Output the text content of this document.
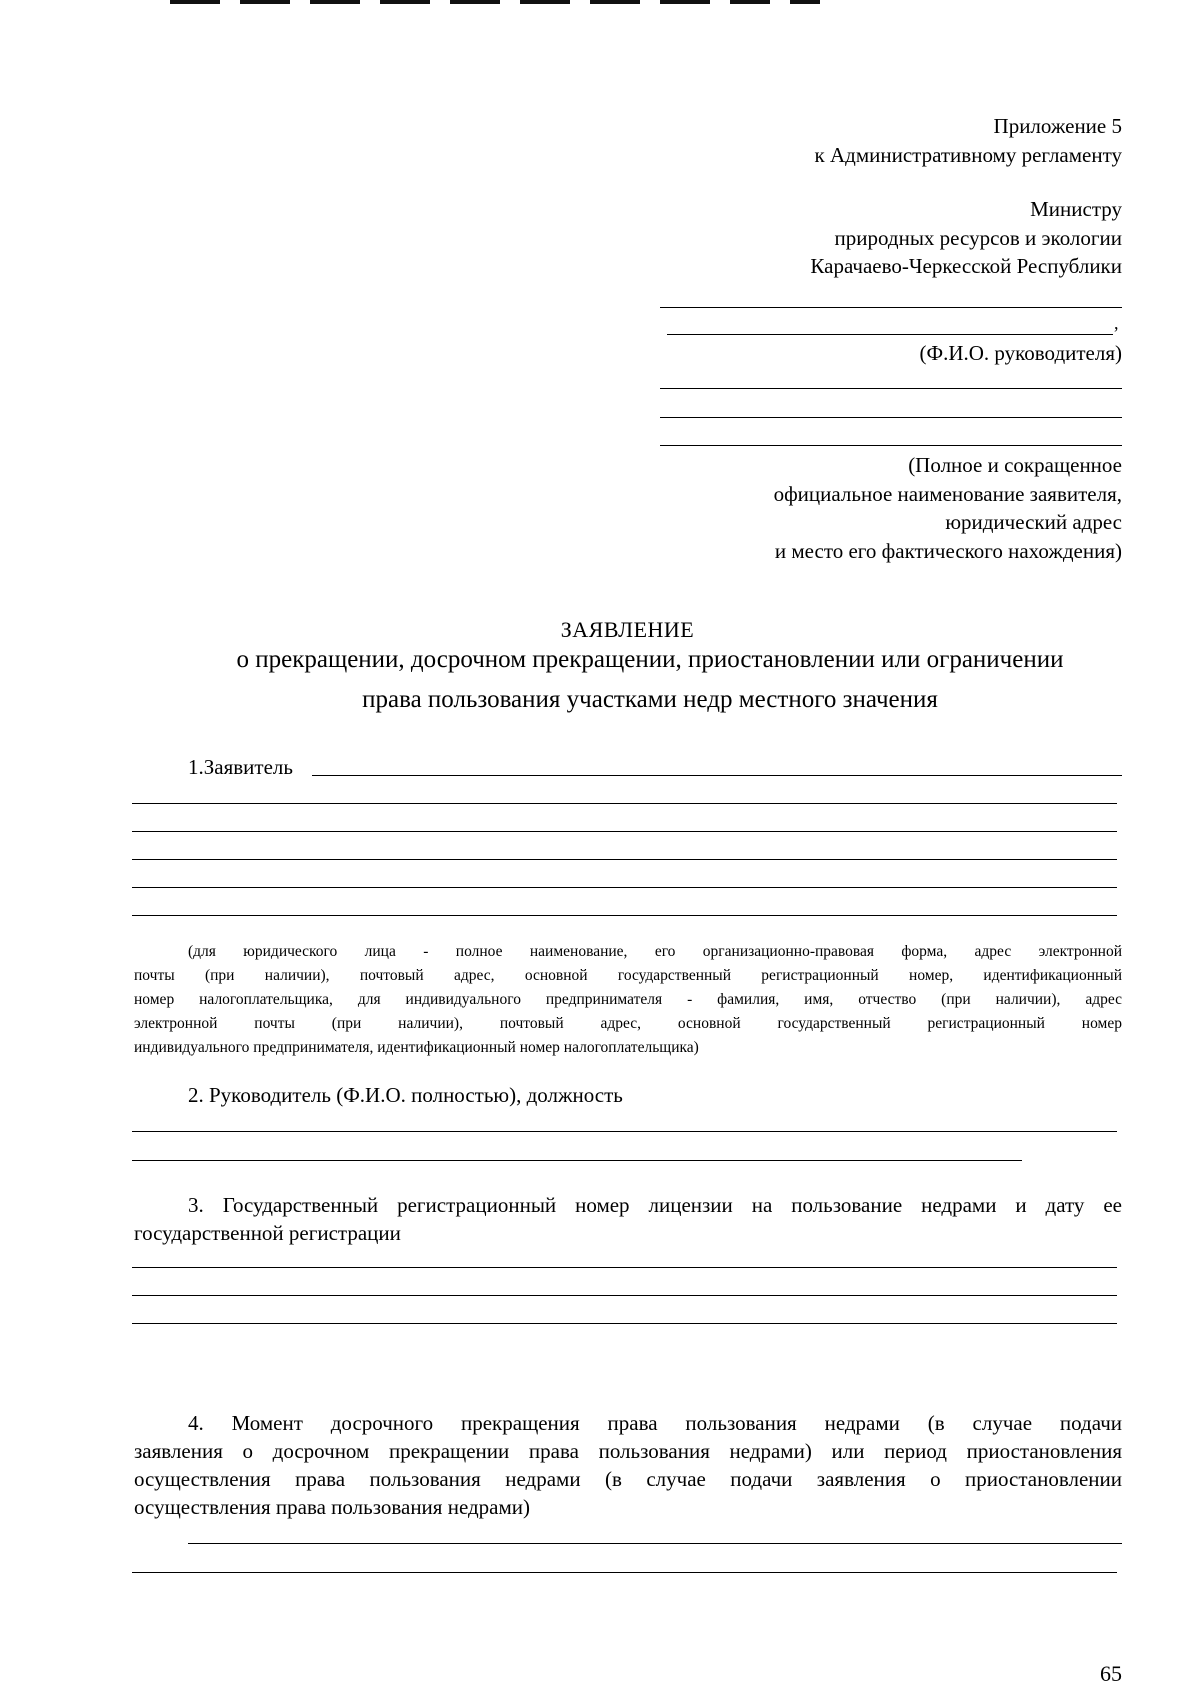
Приложение 5
к Административному регламенту
Министру
природных ресурсов и экологии
Карачаево-Черкесской Республики
,
(Ф.И.О. руководителя)
(Полное и сокращенное
официальное наименование заявителя,
юридический адрес
и место его фактического нахождения)
ЗАЯВЛЕНИЕ
о прекращении, досрочном прекращении, приостановлении или ограничении
права пользования участками недр местного значения
1.Заявитель
(для юридического лица - полное наименование, его организационно-правовая форма, адрес электронной
почты (при наличии), почтовый адрес, основной государственный регистрационный номер, идентификационный
номер налогоплательщика, для индивидуального предпринимателя - фамилия, имя, отчество (при наличии), адрес
электронной почты (при наличии), почтовый адрес, основной государственный регистрационный номер
индивидуального предпринимателя, идентификационный номер налогоплательщика)
2. Руководитель (Ф.И.О. полностью), должность
3. Государственный регистрационный номер лицензии на пользование недрами и дату ее
государственной регистрации
4. Момент досрочного прекращения права пользования недрами (в случае подачи
заявления о досрочном прекращении права пользования недрами) или период приостановления
осуществления права пользования недрами (в случае подачи заявления о приостановлении
осуществления права пользования недрами)
65
